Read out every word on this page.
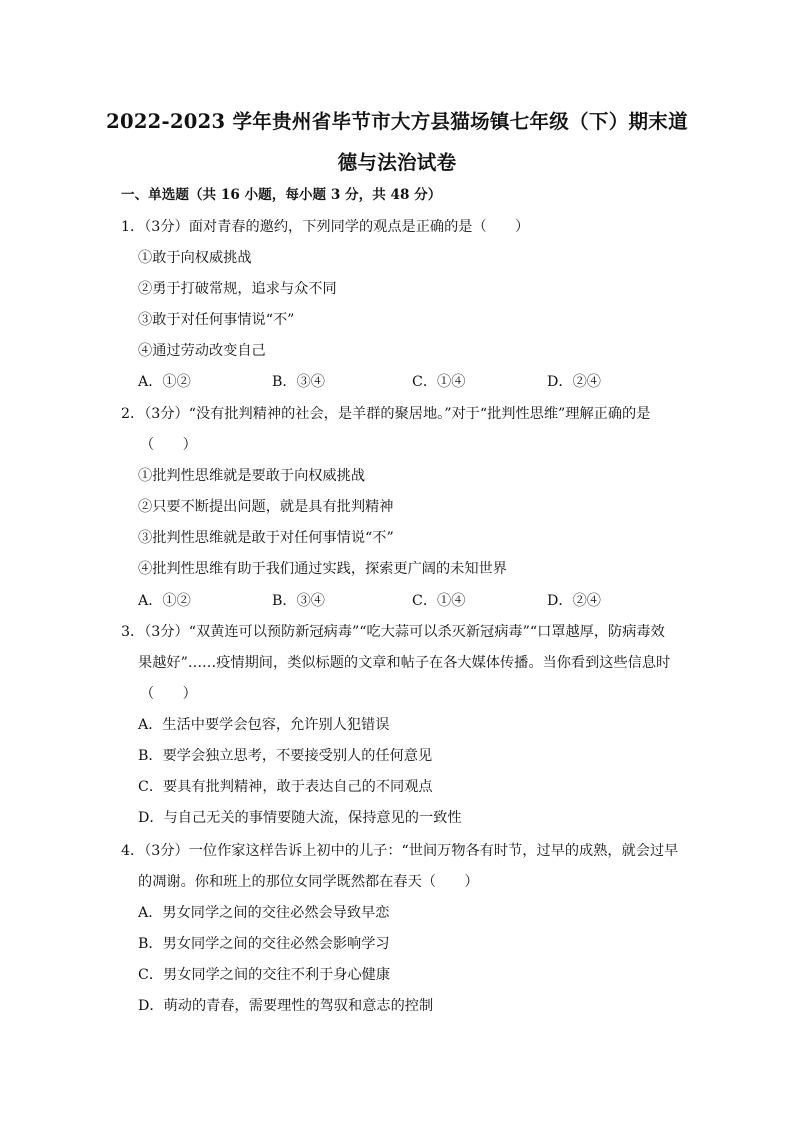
2022-2023 学年贵州省毕节市大方县猫场镇七年级（下）期末道
德与法治试卷
一、单选题（共 16 小题，每小题 3 分，共 48 分）
1．（3分）面对青春的邀约，下列同学的观点是正确的是（　　）
①敢于向权威挑战
②勇于打破常规，追求与众不同
③敢于对任何事情说“不”
④通过劳动改变自己
A．①②	B．③④	C．①④	D．②④
2．（3分）“没有批判精神的社会，是羊群的聚居地。”对于“批判性思维”理解正确的是
（　　）
①批判性思维就是要敢于向权威挑战
②只要不断提出问题，就是具有批判精神
③批判性思维就是敢于对任何事情说“不”
④批判性思维有助于我们通过实践，探索更广阔的未知世界
A．①②	B．③④	C．①④	D．②④
3．（3分）“双黄连可以预防新冠病毒”“吃大蒜可以杀灭新冠病毒”“口罩越厚，防病毒效
果越好”……疫情期间，类似标题的文章和帖子在各大媒体传播。当你看到这些信息时
（　　）
A．生活中要学会包容，允许别人犯错误
B．要学会独立思考，不要接受别人的任何意见
C．要具有批判精神，敢于表达自己的不同观点
D．与自己无关的事情要随大流，保持意见的一致性
4．（3分）一位作家这样告诉上初中的儿子：“世间万物各有时节，过早的成熟，就会过早
的凋谢。你和班上的那位女同学既然都在春天（　　）
A．男女同学之间的交往必然会导致早恋
B．男女同学之间的交往必然会影响学习
C．男女同学之间的交往不利于身心健康
D．萌动的青春，需要理性的驾驭和意志的控制
